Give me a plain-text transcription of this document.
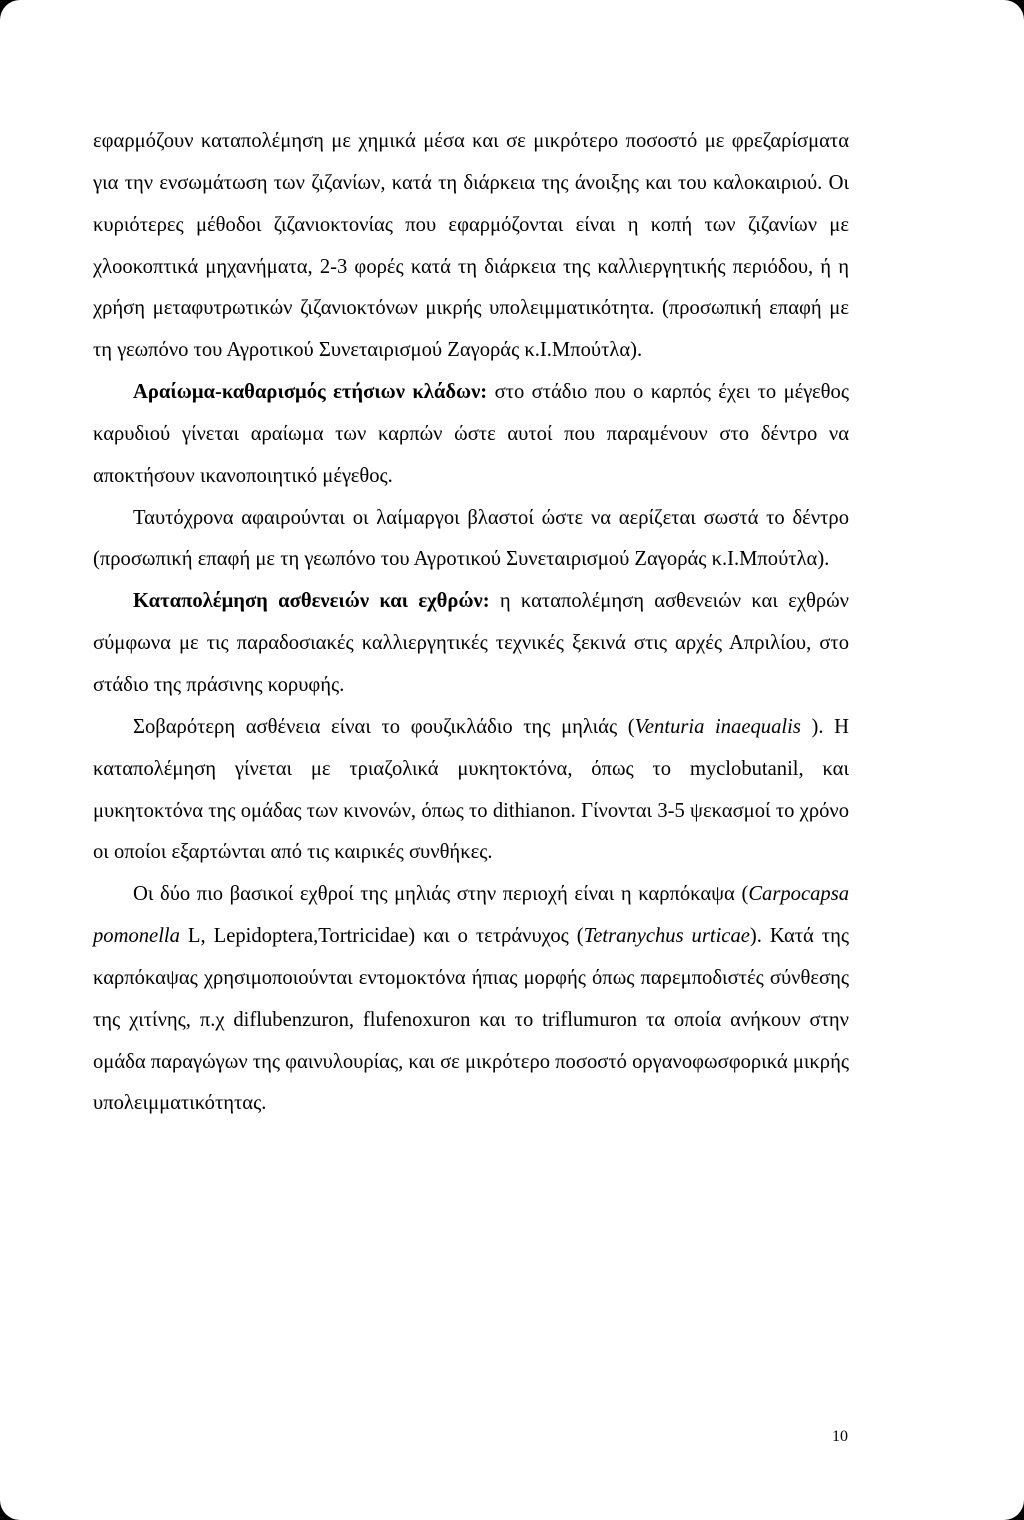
εφαρμόζουν καταπολέμηση με χημικά μέσα και σε μικρότερο ποσοστό με φρεζαρίσματα για την ενσωμάτωση των ζιζανίων, κατά τη διάρκεια της άνοιξης και του καλοκαιριού. Οι κυριότερες μέθοδοι ζιζανιοκτονίας που εφαρμόζονται είναι η κοπή των ζιζανίων με χλοοκοπτικά μηχανήματα, 2-3 φορές κατά τη διάρκεια της καλλιεργητικής περιόδου, ή η χρήση μεταφυτρωτικών ζιζανιοκτόνων μικρής υπολειμματικότητα. (προσωπική επαφή με τη γεωπόνο του Αγροτικού Συνεταιρισμού Ζαγοράς κ.Ι.Μπούτλα).

Αραίωμα-καθαρισμός ετήσιων κλάδων: στο στάδιο που ο καρπός έχει το μέγεθος καρυδιού γίνεται αραίωμα των καρπών ώστε αυτοί που παραμένουν στο δέντρο να αποκτήσουν ικανοποιητικό μέγεθος.

Ταυτόχρονα αφαιρούνται οι λαίμαργοι βλαστοί ώστε να αερίζεται σωστά το δέντρο (προσωπική επαφή με τη γεωπόνο του Αγροτικού Συνεταιρισμού Ζαγοράς κ.Ι.Μπούτλα).

Καταπολέμηση ασθενειών και εχθρών: η καταπολέμηση ασθενειών και εχθρών σύμφωνα με τις παραδοσιακές καλλιεργητικές τεχνικές ξεκινά στις αρχές Απριλίου, στο στάδιο της πράσινης κορυφής.

Σοβαρότερη ασθένεια είναι το φουζικλάδιο της μηλιάς (Venturia inaequalis ). Η καταπολέμηση γίνεται με τριαζολικά μυκητοκτόνα, όπως το myclobutanil, και μυκητοκτόνα της ομάδας των κινονών, όπως το dithianon. Γίνονται 3-5 ψεκασμοί το χρόνο οι οποίοι εξαρτώνται από τις καιρικές συνθήκες.

Οι δύο πιο βασικοί εχθροί της μηλιάς στην περιοχή είναι η καρπόκαψα (Carpocapsa pomonella L, Lepidoptera,Tortricidae) και ο τετράνυχος (Tetranychus urticae). Κατά της καρπόκαψας χρησιμοποιούνται εντομοκτόνα ήπιας μορφής όπως παρεμποδιστές σύνθεσης της χιτίνης, π.χ diflubenzuron, flufenoxuron και το triflumuron τα οποία ανήκουν στην ομάδα παραγώγων της φαινυλουρίας, και σε μικρότερο ποσοστό οργανοφωσφορικά μικρής υπολειμματικότητας.

10
